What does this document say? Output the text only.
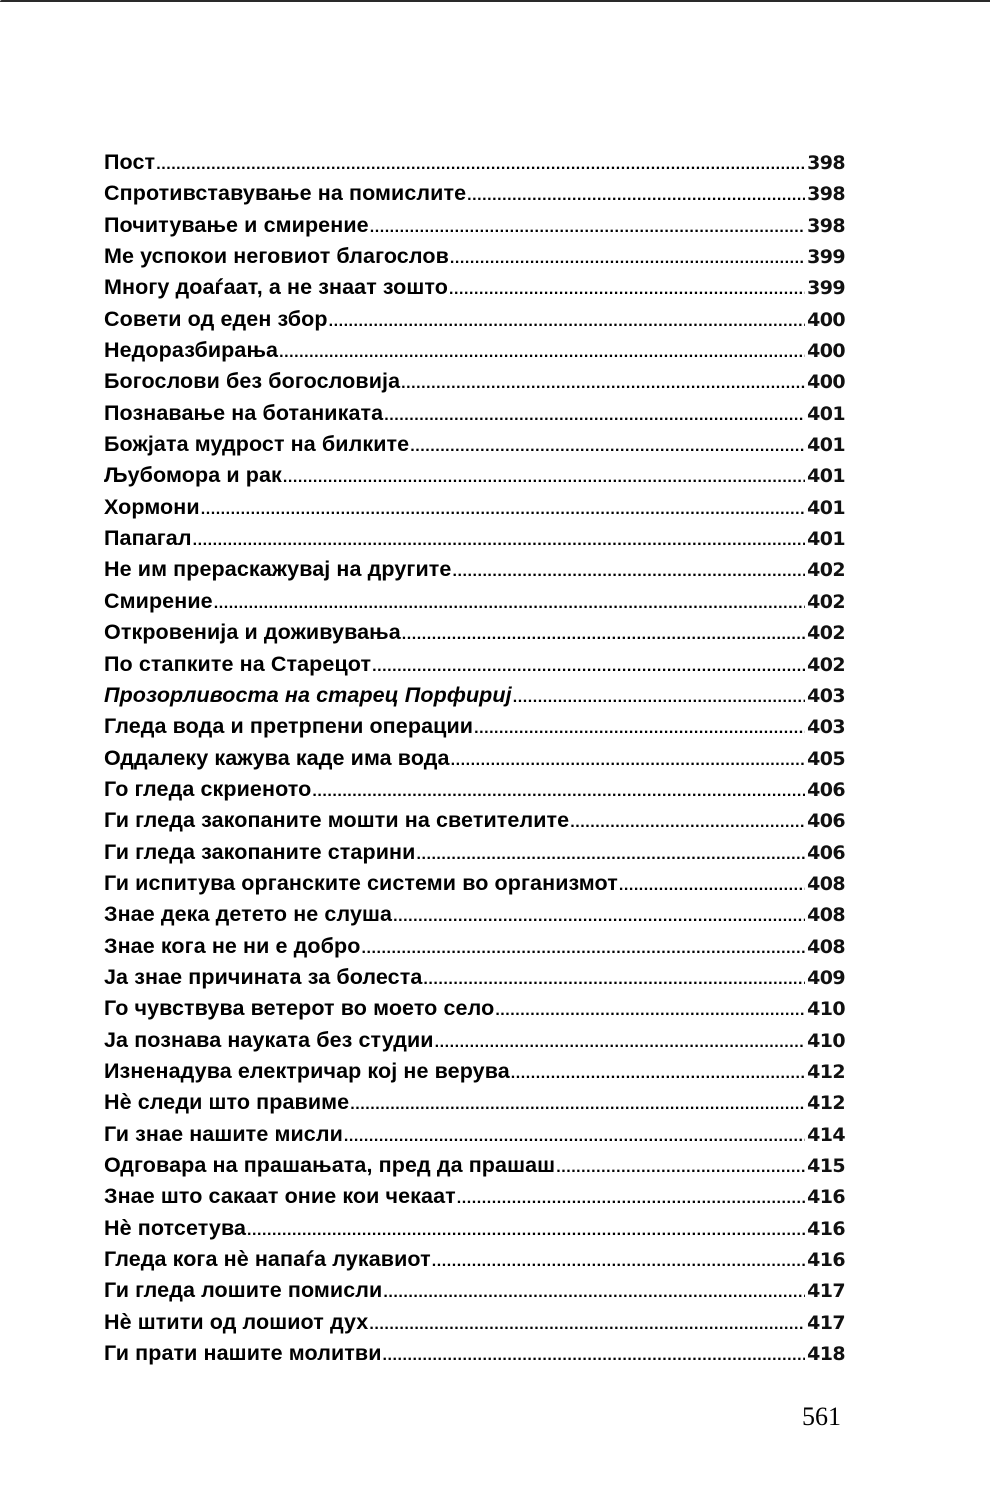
Пост .....	398
Спротивставување на помислите .....	398
Почитување и смирение .....	398
Ме успокои неговиот благослов .....	399
Многу доаѓаат, а не знаат зошто .....	399
Совети од еден збор .....	400
Недоразбирања .....	400
Богослови без богословија .....	400
Познавање на ботаниката .....	401
Божјата мудрост на билките .....	401
Љубомора и рак .....	401
Хормони .....	401
Папагал .....	401
Не им прераскажувај на другите .....	402
Смирение .....	402
Откровенија и доживувања .....	402
По стапките на Старецот .....	402
Прозорливоста на старец Порфириј .....	403
Гледа вода и претрпени операции .....	403
Оддалеку кажува каде има вода .....	405
Го гледа скриеното .....	406
Ги гледа закопаните мошти на светителите .....	406
Ги гледа закопаните старини .....	406
Ги испитува органските системи во организмот .....	408
Знае дека детето не слуша .....	408
Знае кога не ни е добро .....	408
Ја знае причината за болеста .....	409
Го чувствува ветерот во моето село .....	410
Ја познава науката без студии .....	410
Изненадува електричар кој не верува .....	412
Нѐ следи што правиме .....	412
Ги знае нашите мисли .....	414
Одговара на прашањата, пред да прашаш .....	415
Знае што сакаат оние кои чекаат .....	416
Нѐ потсетува .....	416
Гледа кога нѐ напаѓа лукавиот .....	416
Ги гледа лошите помисли .....	417
Нѐ штити од лошиот дух .....	417
Ги прати нашите молитви .....	418
561
